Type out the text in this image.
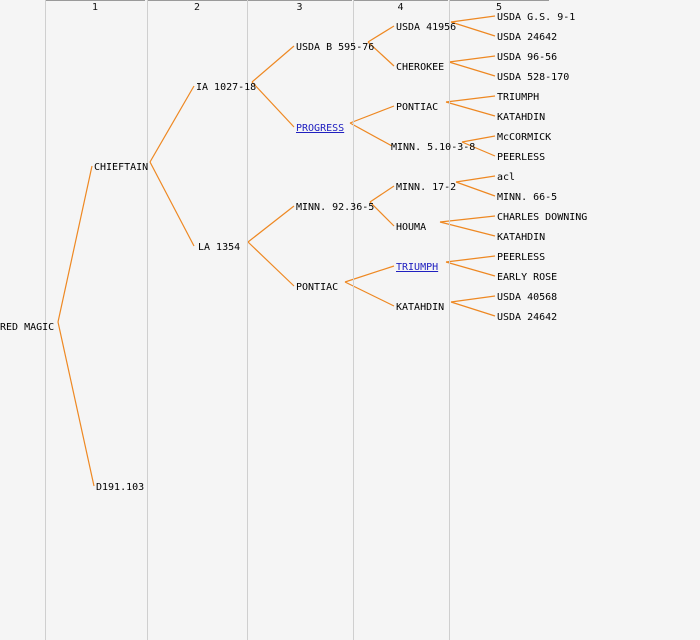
1	2	3	4	5
RED MAGIC
CHIEFTAIN
D191.103
IA 1027-18
LA 1354
USDA B 595-76
PROGRESS
MINN. 92.36-5
PONTIAC
USDA 41956
CHEROKEE
PONTIAC
MINN. 5.10-3-8
MINN. 17-2
HOUMA
TRIUMPH
KATAHDIN
USDA G.S. 9-1
USDA 24642
USDA 96-56
USDA 528-170
TRIUMPH
KATAHDIN
McCORMICK
PEERLESS
acl
MINN. 66-5
CHARLES DOWNING
KATAHDIN
PEERLESS
EARLY ROSE
USDA 40568
USDA 24642
